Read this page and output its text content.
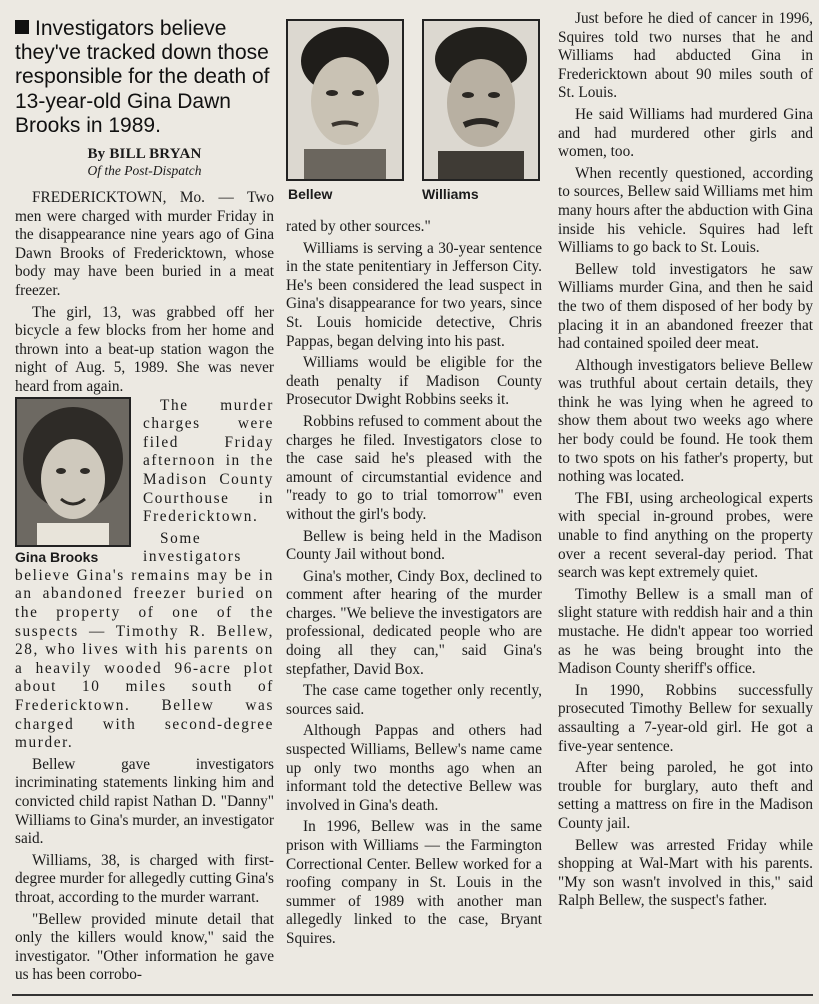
Investigators believe they've tracked down those responsible for the death of 13-year-old Gina Dawn Brooks in 1989.
By BILL BRYAN
Of the Post-Dispatch

FREDERICKTOWN, Mo. — Two men were charged with murder Friday in the disappearance nine years ago of Gina Dawn Brooks of Fredericktown, whose body may have been buried in a meat freezer.

The girl, 13, was grabbed off her bicycle a few blocks from her home and thrown into a beat-up station wagon the night of Aug. 5, 1989. She was never heard from again.

Gina Brooks

The murder charges were filed Friday afternoon in the Madison County Courthouse in Fredericktown.

Some investigators believe Gina's remains may be in an abandoned freezer buried on the property of one of the suspects — Timothy R. Bellew, 28, who lives with his parents on a heavily wooded 96-acre plot about 10 miles south of Fredericktown. Bellew was charged with second-degree murder.

Bellew gave investigators incriminating statements linking him and convicted child rapist Nathan D. "Danny" Williams to Gina's murder, an investigator said.

Williams, 38, is charged with first-degree murder for allegedly cutting Gina's throat, according to the murder warrant.

"Bellew provided minute detail that only the killers would know," said the investigator. "Other information he gave us has been corrobo-

Bellew	Williams

rated by other sources."

Williams is serving a 30-year sentence in the state penitentiary in Jefferson City. He's been considered the lead suspect in Gina's disappearance for two years, since St. Louis homicide detective, Chris Pappas, began delving into his past.

Williams would be eligible for the death penalty if Madison County Prosecutor Dwight Robbins seeks it.

Robbins refused to comment about the charges he filed. Investigators close to the case said he's pleased with the amount of circumstantial evidence and "ready to go to trial tomorrow" even without the girl's body.

Bellew is being held in the Madison County Jail without bond.

Gina's mother, Cindy Box, declined to comment after hearing of the murder charges. "We believe the investigators are professional, dedicated people who are doing all they can," said Gina's stepfather, David Box.

The case came together only recently, sources said.

Although Pappas and others had suspected Williams, Bellew's name came up only two months ago when an informant told the detective Bellew was involved in Gina's death.

In 1996, Bellew was in the same prison with Williams — the Farmington Correctional Center. Bellew worked for a roofing company in St. Louis in the summer of 1989 with another man allegedly linked to the case, Bryant Squires.

Just before he died of cancer in 1996, Squires told two nurses that he and Williams had abducted Gina in Fredericktown about 90 miles south of St. Louis.

He said Williams had murdered Gina and had murdered other girls and women, too.

When recently questioned, according to sources, Bellew said Williams met him many hours after the abduction with Gina inside his vehicle. Squires had left Williams to go back to St. Louis.

Bellew told investigators he saw Williams murder Gina, and then he said the two of them disposed of her body by placing it in an abandoned freezer that had contained spoiled deer meat.

Although investigators believe Bellew was truthful about certain details, they think he was lying when he agreed to show them about two weeks ago where her body could be found. He took them to two spots on his father's property, but nothing was located.

The FBI, using archeological experts with special in-ground probes, were unable to find anything on the property over a recent several-day period. That search was kept extremely quiet.

Timothy Bellew is a small man of slight stature with reddish hair and a thin mustache. He didn't appear too worried as he was being brought into the Madison County sheriff's office.

In 1990, Robbins successfully prosecuted Timothy Bellew for sexually assaulting a 7-year-old girl. He got a five-year sentence.

After being paroled, he got into trouble for burglary, auto theft and setting a mattress on fire in the Madison County jail.

Bellew was arrested Friday while shopping at Wal-Mart with his parents. "My son wasn't involved in this," said Ralph Bellew, the suspect's father.
